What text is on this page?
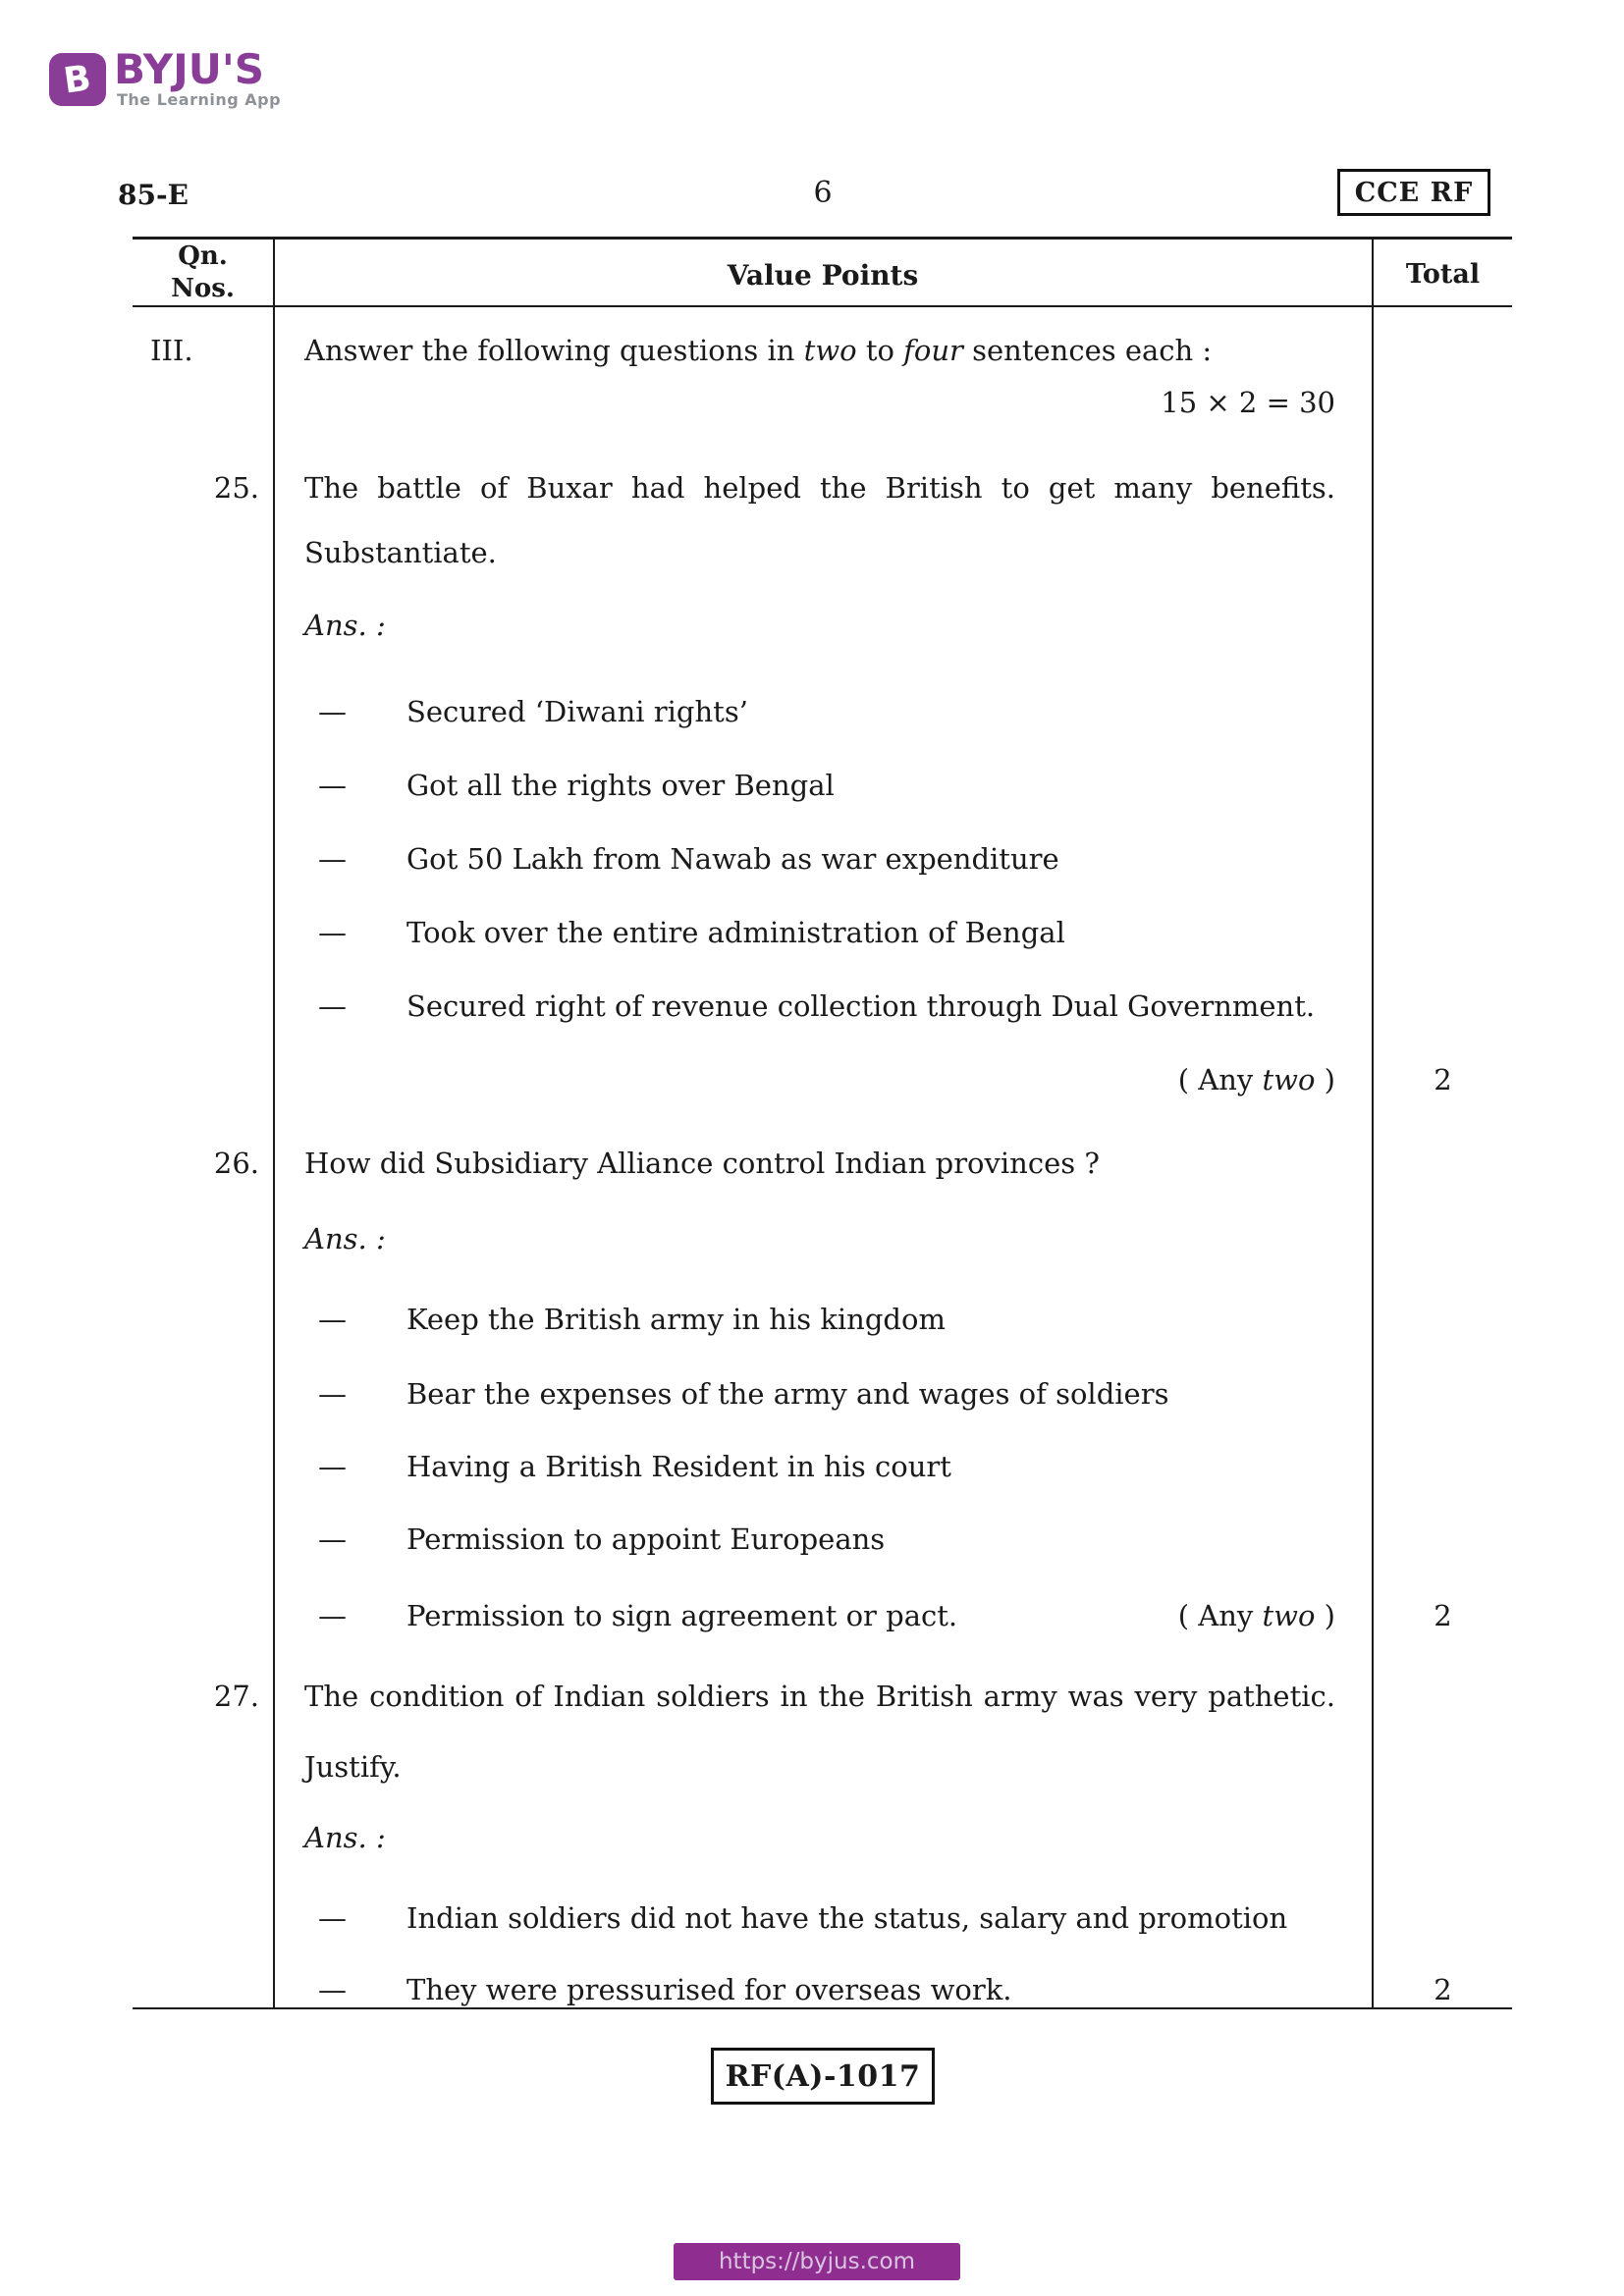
B BYJU'S
The Learning App
85-E	6	CCE RF
Qn.
Nos.	Value Points	Total
III.	Answer the following questions in two to four sentences each :
15 × 2 = 30
25. The battle of Buxar had helped the British to get many benefits.
Substantiate.
Ans. :
—	Secured ‘Diwani rights’
—	Got all the rights over Bengal
—	Got 50 Lakh from Nawab as war expenditure
—	Took over the entire administration of Bengal
—	Secured right of revenue collection through Dual Government.
( Any two )	2
26. How did Subsidiary Alliance control Indian provinces ?
Ans. :
—	Keep the British army in his kingdom
—	Bear the expenses of the army and wages of soldiers
—	Having a British Resident in his court
—	Permission to appoint Europeans
—	Permission to sign agreement or pact.	( Any two )	2
27. The condition of Indian soldiers in the British army was very pathetic.
Justify.
Ans. :
—	Indian soldiers did not have the status, salary and promotion
—	They were pressurised for overseas work.	2
RF(A)-1017
https://byjus.com
